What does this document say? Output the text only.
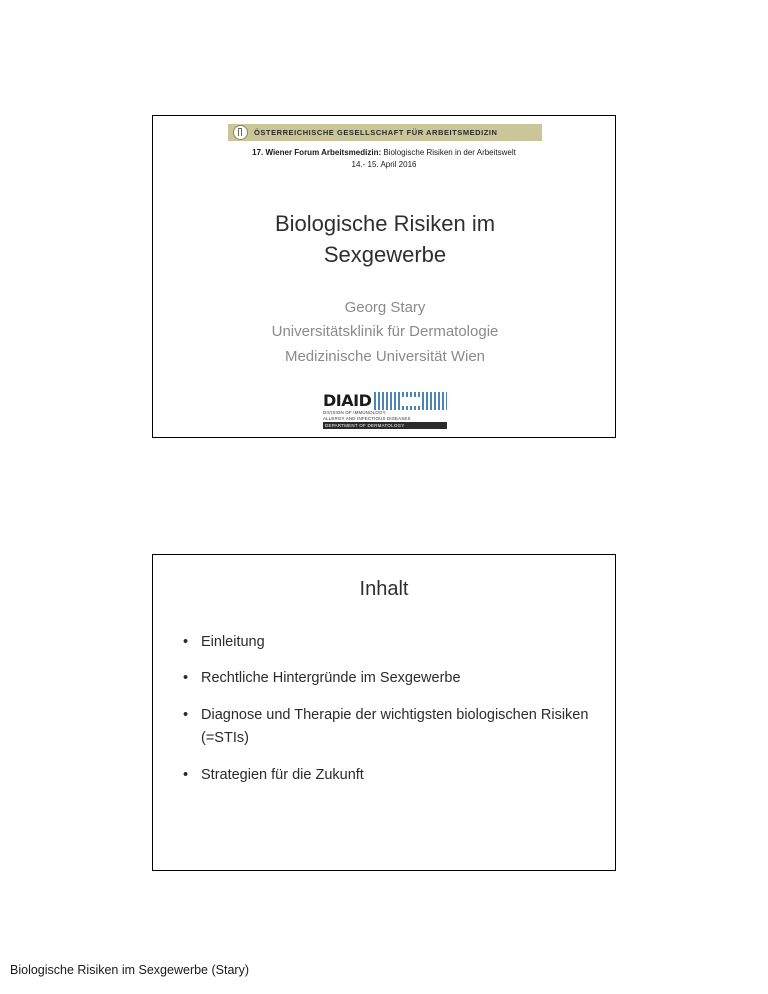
ÖSTERREICHISCHE GESELLSCHAFT FÜR ARBEITSMEDIZIN
17. Wiener Forum Arbeitsmedizin: Biologische Risiken in der Arbeitswelt
14.- 15. April 2016
Biologische Risiken im
Sexgewerbe
Georg Stary
Universitätsklinik für Dermatologie
Medizinische Universität Wien
DIAID
DIVISION OF IMMUNOLOGY,
ALLERGY AND INFECTIOUS DISEASES
DEPARTMENT OF DERMATOLOGY
Inhalt
• Einleitung
• Rechtliche Hintergründe im Sexgewerbe
• Diagnose und Therapie der wichtigsten biologischen Risiken (=STIs)
• Strategien für die Zukunft
Biologische Risiken im Sexgewerbe (Stary)
